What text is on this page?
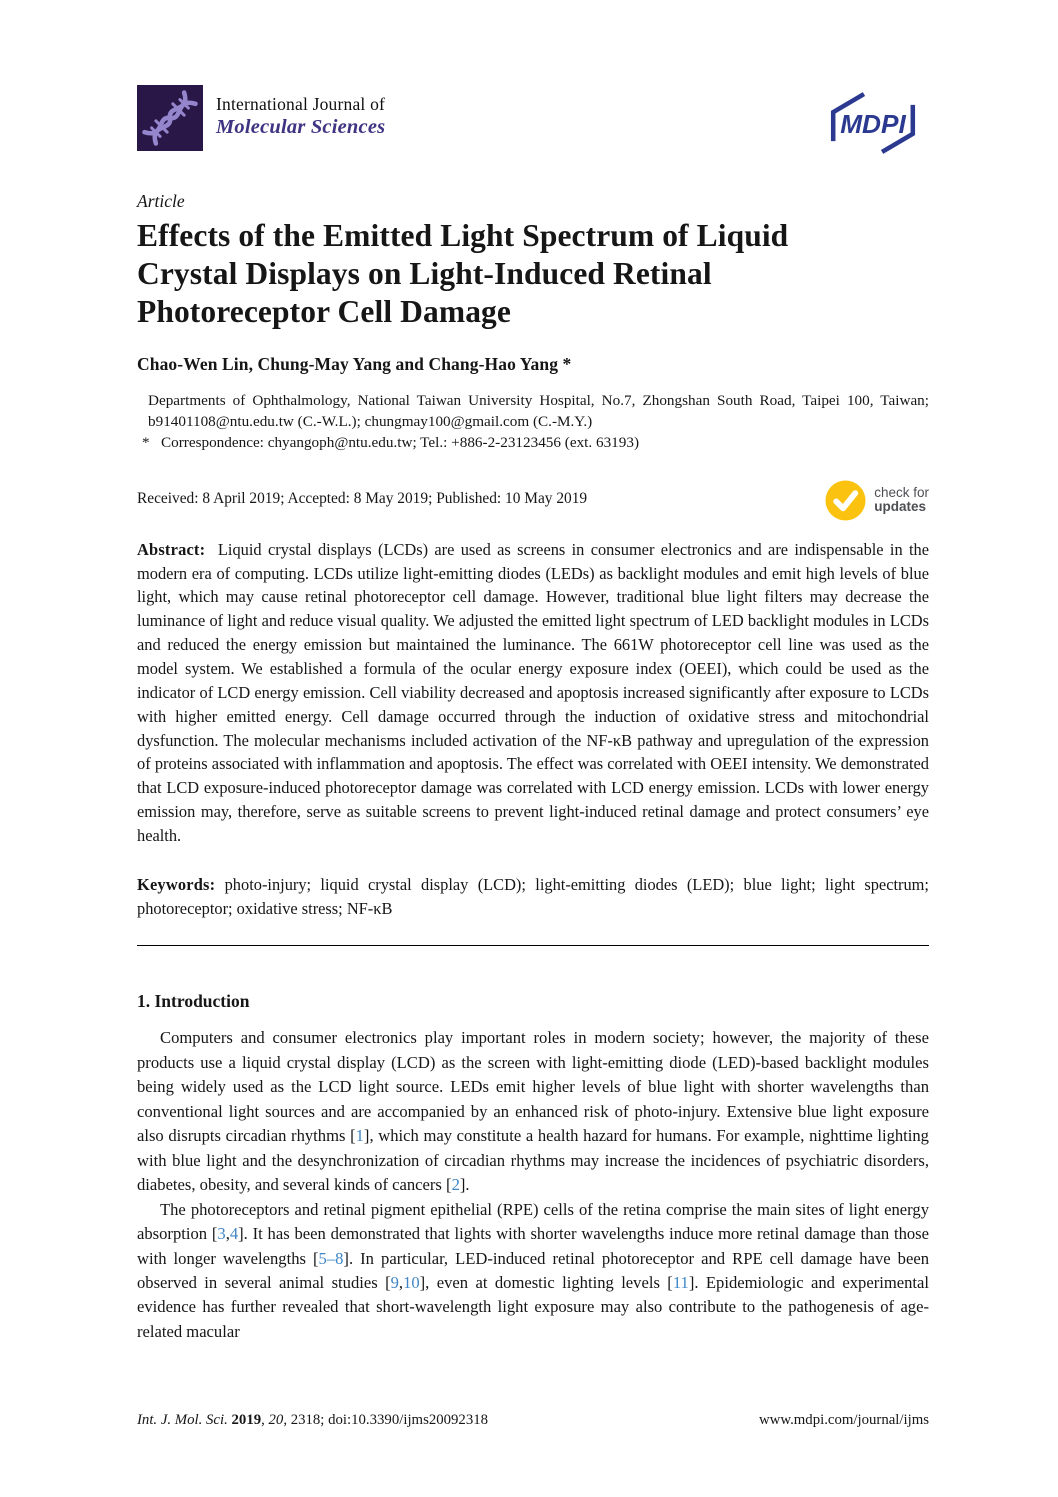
International Journal of
Molecular Sciences	MDPI
Article
Effects of the Emitted Light Spectrum of Liquid
Crystal Displays on Light-Induced Retinal
Photoreceptor Cell Damage
Chao-Wen Lin, Chung-May Yang and Chang-Hao Yang *
Departments of Ophthalmology, National Taiwan University Hospital, No.7, Zhongshan South Road, Taipei 100, Taiwan; b91401108@ntu.edu.tw (C.-W.L.); chungmay100@gmail.com (C.-M.Y.)
* Correspondence: chyangoph@ntu.edu.tw; Tel.: +886-2-23123456 (ext. 63193)
Received: 8 April 2019; Accepted: 8 May 2019; Published: 10 May 2019	check for
updates

Abstract: Liquid crystal displays (LCDs) are used as screens in consumer electronics and are indispensable in the modern era of computing. LCDs utilize light-emitting diodes (LEDs) as backlight modules and emit high levels of blue light, which may cause retinal photoreceptor cell damage. However, traditional blue light filters may decrease the luminance of light and reduce visual quality. We adjusted the emitted light spectrum of LED backlight modules in LCDs and reduced the energy emission but maintained the luminance. The 661W photoreceptor cell line was used as the model system. We established a formula of the ocular energy exposure index (OEEI), which could be used as the indicator of LCD energy emission. Cell viability decreased and apoptosis increased significantly after exposure to LCDs with higher emitted energy. Cell damage occurred through the induction of oxidative stress and mitochondrial dysfunction. The molecular mechanisms included activation of the NF-κB pathway and upregulation of the expression of proteins associated with inflammation and apoptosis. The effect was correlated with OEEI intensity. We demonstrated that LCD exposure-induced photoreceptor damage was correlated with LCD energy emission. LCDs with lower energy emission may, therefore, serve as suitable screens to prevent light-induced retinal damage and protect consumers’ eye health.

Keywords: photo-injury; liquid crystal display (LCD); light-emitting diodes (LED); blue light; light spectrum; photoreceptor; oxidative stress; NF-κB

1. Introduction

Computers and consumer electronics play important roles in modern society; however, the majority of these products use a liquid crystal display (LCD) as the screen with light-emitting diode (LED)-based backlight modules being widely used as the LCD light source. LEDs emit higher levels of blue light with shorter wavelengths than conventional light sources and are accompanied by an enhanced risk of photo-injury. Extensive blue light exposure also disrupts circadian rhythms [1], which may constitute a health hazard for humans. For example, nighttime lighting with blue light and the desynchronization of circadian rhythms may increase the incidences of psychiatric disorders, diabetes, obesity, and several kinds of cancers [2].

The photoreceptors and retinal pigment epithelial (RPE) cells of the retina comprise the main sites of light energy absorption [3,4]. It has been demonstrated that lights with shorter wavelengths induce more retinal damage than those with longer wavelengths [5–8]. In particular, LED-induced retinal photoreceptor and RPE cell damage have been observed in several animal studies [9,10], even at domestic lighting levels [11]. Epidemiologic and experimental evidence has further revealed that short-wavelength light exposure may also contribute to the pathogenesis of age-related macular

Int. J. Mol. Sci. 2019, 20, 2318; doi:10.3390/ijms20092318	www.mdpi.com/journal/ijms
